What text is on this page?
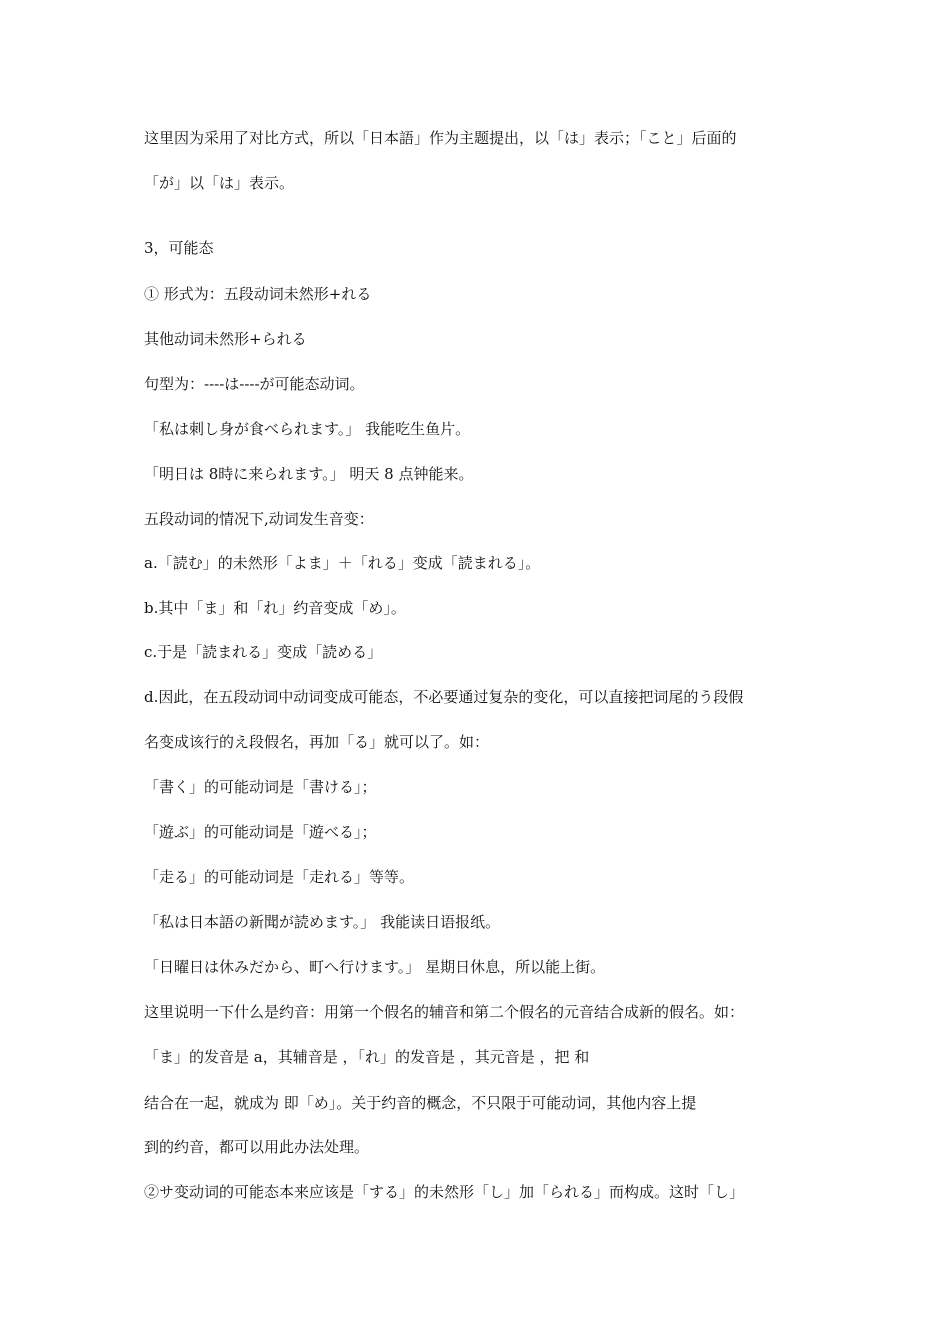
这里因为采用了对比方式，所以「日本語」作为主题提出，以「は」表示；「こと」后面的
「が」以「は」表示。
3，可能态
① 形式为：五段动词未然形+れる
其他动词未然形+られる
句型为：----は----が可能态动词。
「私は刺し身が食べられます。」 我能吃生鱼片。
「明日は 8時に来られます。」 明天 8 点钟能来。
五段动词的情况下,动词发生音变：
a.「読む」的未然形「よま」＋「れる」变成「読まれる」。
b.其中「ま」和「れ」约音变成「め」。
c.于是「読まれる」变成「読める」
d.因此，在五段动词中动词变成可能态，不必要通过复杂的变化，可以直接把词尾的う段假
名变成该行的え段假名，再加「る」就可以了。如：
「書く」的可能动词是「書ける」；
「遊ぶ」的可能动词是「遊べる」；
「走る」的可能动词是「走れる」等等。
「私は日本語の新聞が読めます。」 我能读日语报纸。
「日曜日は休みだから、町へ行けます。」 星期日休息，所以能上街。
这里说明一下什么是约音：用第一个假名的辅音和第二个假名的元音结合成新的假名。如：
「ま」的发音是 a，其辅音是 ，「れ」的发音是 ，其元音是 ，把 和
结合在一起，就成为 即「め」。关于约音的概念，不只限于可能动词，其他内容上提
到的约音，都可以用此办法处理。
②サ变动词的可能态本来应该是「する」的未然形「し」加「られる」而构成。这时「し」
